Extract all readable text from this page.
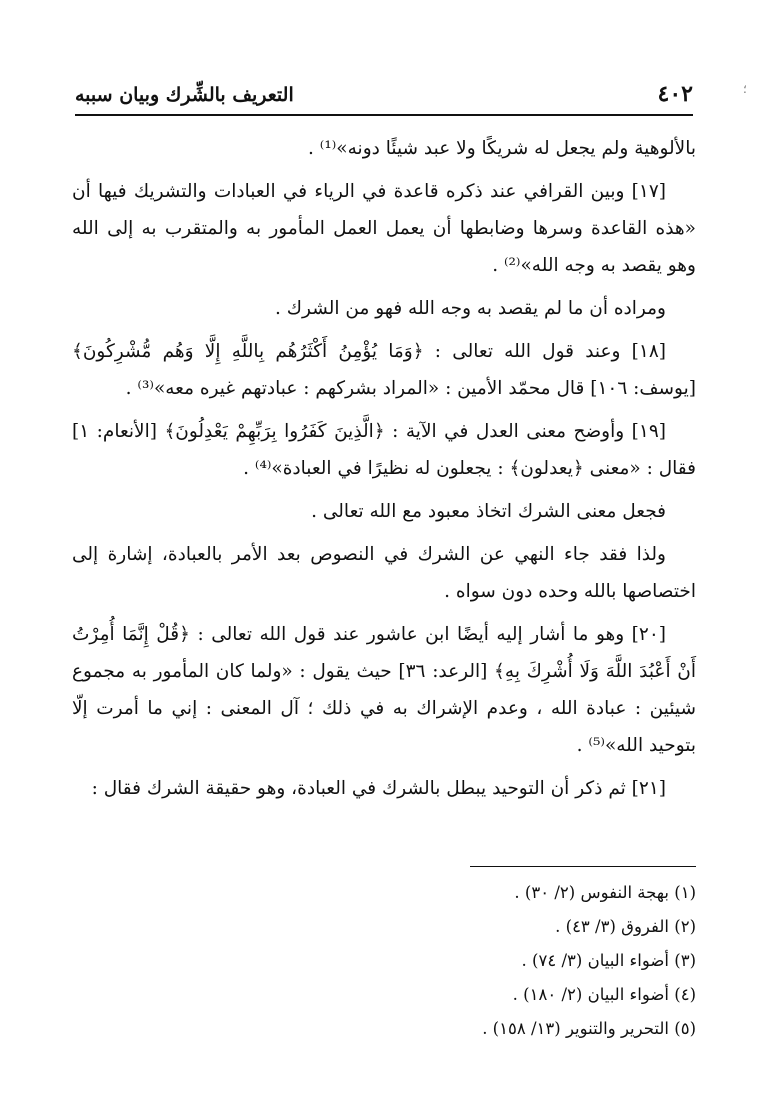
٤٠٢
التعريف بالشِّرك وبيان سببه	؛

بالألوهية ولم يجعل له شريكًا ولا عبد شيئًا دونه»⁽¹⁾ .

[١٧] وبين القرافي عند ذكره قاعدة في الرياء في العبادات والتشريك فيها أن «هذه القاعدة وسرها وضابطها أن يعمل العمل المأمور به والمتقرب به إلى الله وهو يقصد به وجه الله»⁽²⁾ .

ومراده أن ما لم يقصد به وجه الله فهو من الشرك .

[١٨] وعند قول الله تعالى : ﴿وَمَا يُؤْمِنُ أَكْثَرُهُم بِاللَّهِ إِلَّا وَهُم مُّشْرِكُونَ﴾ [يوسف: ١٠٦] قال محمّد الأمين : «المراد بشركهم : عبادتهم غيره معه»⁽³⁾ .

[١٩] وأوضح معنى العدل في الآية : ﴿الَّذِينَ كَفَرُوا بِرَبِّهِمْ يَعْدِلُونَ﴾ [الأنعام: ١] فقال : «معنى ﴿يعدلون﴾ : يجعلون له نظيرًا في العبادة»⁽⁴⁾ .

فجعل معنى الشرك اتخاذ معبود مع الله تعالى .

ولذا فقد جاء النهي عن الشرك في النصوص بعد الأمر بالعبادة، إشارة إلى اختصاصها بالله وحده دون سواه .

[٢٠] وهو ما أشار إليه أيضًا ابن عاشور عند قول الله تعالى : ﴿قُلْ إِنَّمَا أُمِرْتُ أَنْ أَعْبُدَ اللَّهَ وَلَا أُشْرِكَ بِهِ﴾ [الرعد: ٣٦] حيث يقول : «ولما كان المأمور به مجموع شيئين : عبادة الله ، وعدم الإشراك به في ذلك ؛ آل المعنى : إني ما أمرت إلّا بتوحيد الله»⁽⁵⁾ .

[٢١] ثم ذكر أن التوحيد يبطل بالشرك في العبادة، وهو حقيقة الشرك فقال :

(١) بهجة النفوس (٢/ ٣٠) .
(٢) الفروق (٣/ ٤٣) .
(٣) أضواء البيان (٣/ ٧٤) .
(٤) أضواء البيان (٢/ ١٨٠) .
(٥) التحرير والتنوير (١٣/ ١٥٨) .
